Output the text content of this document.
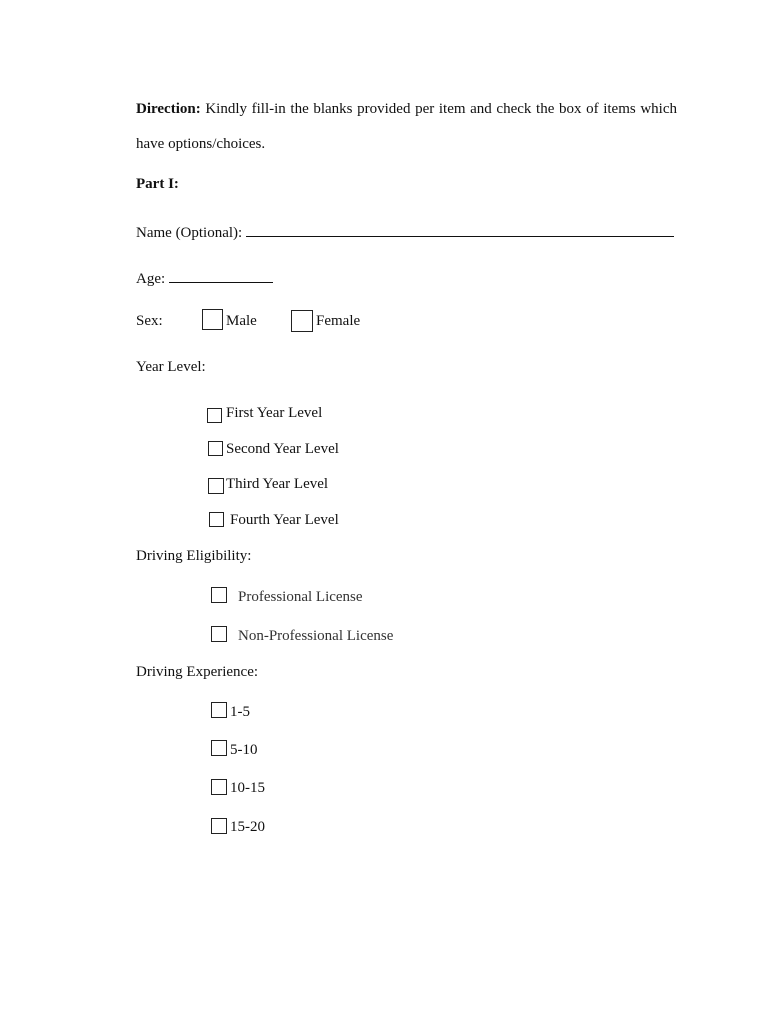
Direction: Kindly fill-in the blanks provided per item and check the box of items which have options/choices.
Part I:
Name (Optional):
Age:
Sex:	Male	Female
Year Level:
First Year Level
Second Year Level
Third Year Level
Fourth Year Level
Driving Eligibility:
Professional License
Non-Professional License
Driving Experience:
1-5
5-10
10-15
15-20
